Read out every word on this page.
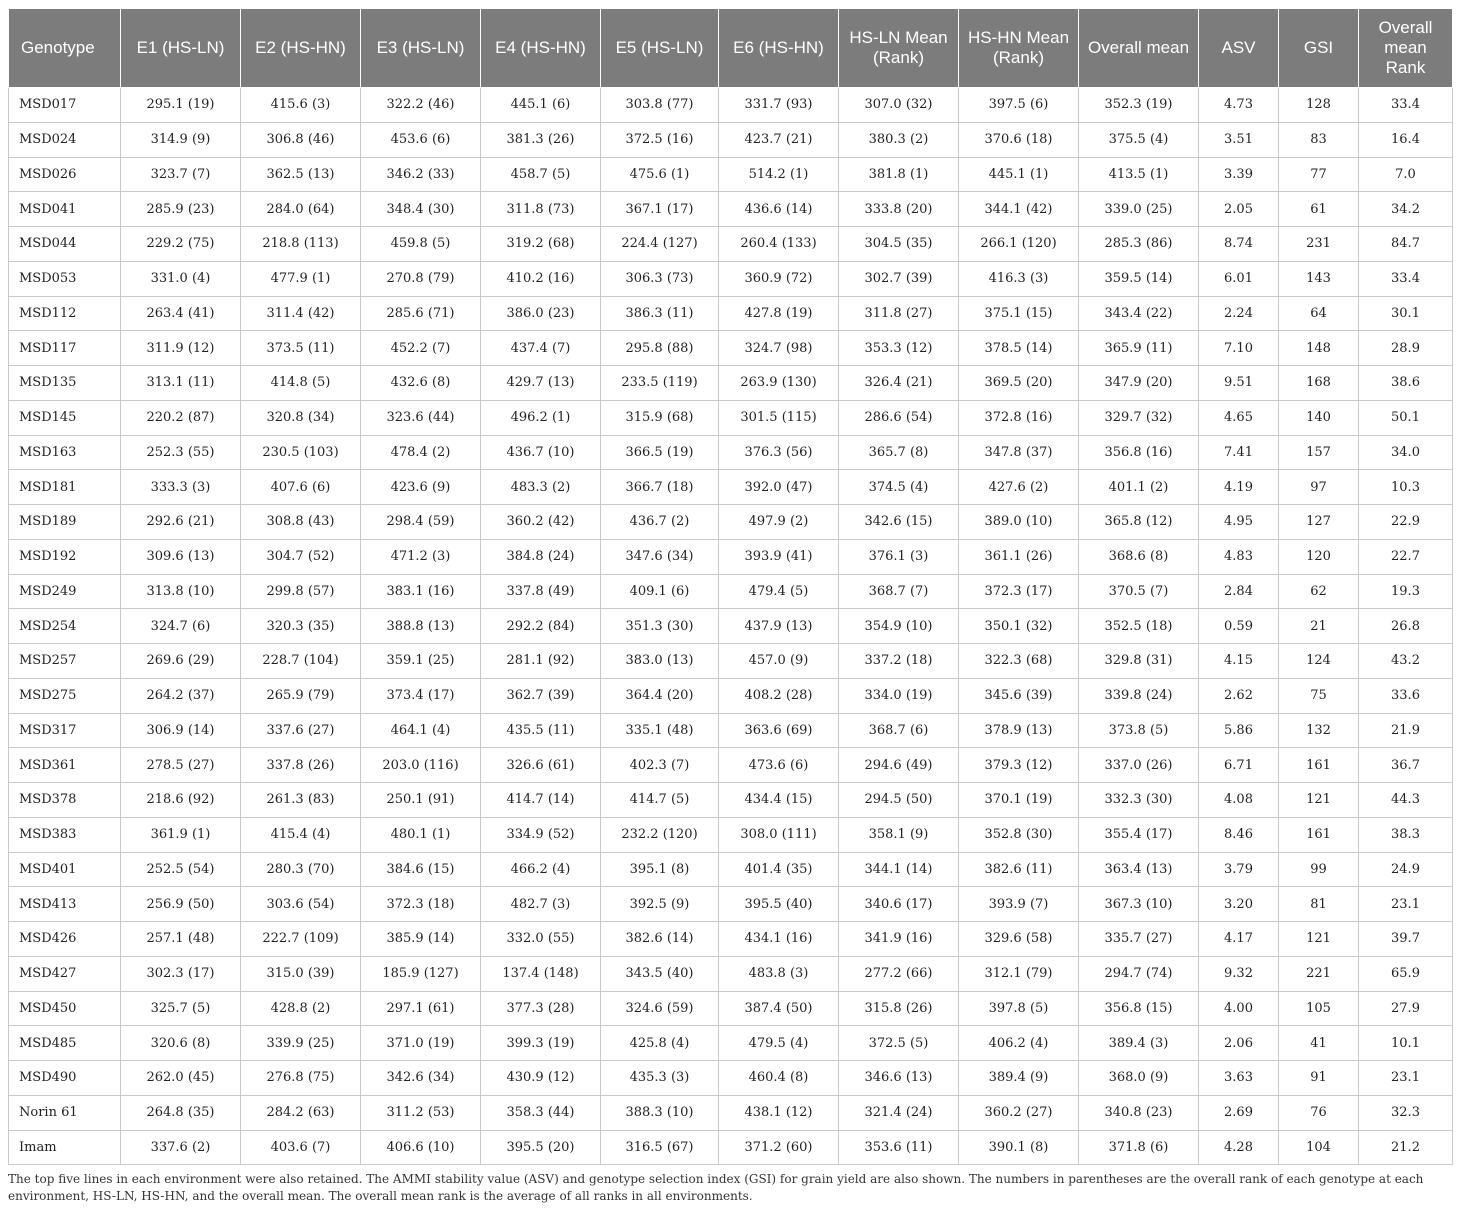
Genotype	E1 (HS-LN)	E2 (HS-HN)	E3 (HS-LN)	E4 (HS-HN)	E5 (HS-LN)	E6 (HS-HN)	HS-LN Mean (Rank)	HS-HN Mean (Rank)	Overall mean	ASV	GSI	Overall mean Rank
MSD017	295.1 (19)	415.6 (3)	322.2 (46)	445.1 (6)	303.8 (77)	331.7 (93)	307.0 (32)	397.5 (6)	352.3 (19)	4.73	128	33.4
MSD024	314.9 (9)	306.8 (46)	453.6 (6)	381.3 (26)	372.5 (16)	423.7 (21)	380.3 (2)	370.6 (18)	375.5 (4)	3.51	83	16.4
MSD026	323.7 (7)	362.5 (13)	346.2 (33)	458.7 (5)	475.6 (1)	514.2 (1)	381.8 (1)	445.1 (1)	413.5 (1)	3.39	77	7.0
MSD041	285.9 (23)	284.0 (64)	348.4 (30)	311.8 (73)	367.1 (17)	436.6 (14)	333.8 (20)	344.1 (42)	339.0 (25)	2.05	61	34.2
MSD044	229.2 (75)	218.8 (113)	459.8 (5)	319.2 (68)	224.4 (127)	260.4 (133)	304.5 (35)	266.1 (120)	285.3 (86)	8.74	231	84.7
MSD053	331.0 (4)	477.9 (1)	270.8 (79)	410.2 (16)	306.3 (73)	360.9 (72)	302.7 (39)	416.3 (3)	359.5 (14)	6.01	143	33.4
MSD112	263.4 (41)	311.4 (42)	285.6 (71)	386.0 (23)	386.3 (11)	427.8 (19)	311.8 (27)	375.1 (15)	343.4 (22)	2.24	64	30.1
MSD117	311.9 (12)	373.5 (11)	452.2 (7)	437.4 (7)	295.8 (88)	324.7 (98)	353.3 (12)	378.5 (14)	365.9 (11)	7.10	148	28.9
MSD135	313.1 (11)	414.8 (5)	432.6 (8)	429.7 (13)	233.5 (119)	263.9 (130)	326.4 (21)	369.5 (20)	347.9 (20)	9.51	168	38.6
MSD145	220.2 (87)	320.8 (34)	323.6 (44)	496.2 (1)	315.9 (68)	301.5 (115)	286.6 (54)	372.8 (16)	329.7 (32)	4.65	140	50.1
MSD163	252.3 (55)	230.5 (103)	478.4 (2)	436.7 (10)	366.5 (19)	376.3 (56)	365.7 (8)	347.8 (37)	356.8 (16)	7.41	157	34.0
MSD181	333.3 (3)	407.6 (6)	423.6 (9)	483.3 (2)	366.7 (18)	392.0 (47)	374.5 (4)	427.6 (2)	401.1 (2)	4.19	97	10.3
MSD189	292.6 (21)	308.8 (43)	298.4 (59)	360.2 (42)	436.7 (2)	497.9 (2)	342.6 (15)	389.0 (10)	365.8 (12)	4.95	127	22.9
MSD192	309.6 (13)	304.7 (52)	471.2 (3)	384.8 (24)	347.6 (34)	393.9 (41)	376.1 (3)	361.1 (26)	368.6 (8)	4.83	120	22.7
MSD249	313.8 (10)	299.8 (57)	383.1 (16)	337.8 (49)	409.1 (6)	479.4 (5)	368.7 (7)	372.3 (17)	370.5 (7)	2.84	62	19.3
MSD254	324.7 (6)	320.3 (35)	388.8 (13)	292.2 (84)	351.3 (30)	437.9 (13)	354.9 (10)	350.1 (32)	352.5 (18)	0.59	21	26.8
MSD257	269.6 (29)	228.7 (104)	359.1 (25)	281.1 (92)	383.0 (13)	457.0 (9)	337.2 (18)	322.3 (68)	329.8 (31)	4.15	124	43.2
MSD275	264.2 (37)	265.9 (79)	373.4 (17)	362.7 (39)	364.4 (20)	408.2 (28)	334.0 (19)	345.6 (39)	339.8 (24)	2.62	75	33.6
MSD317	306.9 (14)	337.6 (27)	464.1 (4)	435.5 (11)	335.1 (48)	363.6 (69)	368.7 (6)	378.9 (13)	373.8 (5)	5.86	132	21.9
MSD361	278.5 (27)	337.8 (26)	203.0 (116)	326.6 (61)	402.3 (7)	473.6 (6)	294.6 (49)	379.3 (12)	337.0 (26)	6.71	161	36.7
MSD378	218.6 (92)	261.3 (83)	250.1 (91)	414.7 (14)	414.7 (5)	434.4 (15)	294.5 (50)	370.1 (19)	332.3 (30)	4.08	121	44.3
MSD383	361.9 (1)	415.4 (4)	480.1 (1)	334.9 (52)	232.2 (120)	308.0 (111)	358.1 (9)	352.8 (30)	355.4 (17)	8.46	161	38.3
MSD401	252.5 (54)	280.3 (70)	384.6 (15)	466.2 (4)	395.1 (8)	401.4 (35)	344.1 (14)	382.6 (11)	363.4 (13)	3.79	99	24.9
MSD413	256.9 (50)	303.6 (54)	372.3 (18)	482.7 (3)	392.5 (9)	395.5 (40)	340.6 (17)	393.9 (7)	367.3 (10)	3.20	81	23.1
MSD426	257.1 (48)	222.7 (109)	385.9 (14)	332.0 (55)	382.6 (14)	434.1 (16)	341.9 (16)	329.6 (58)	335.7 (27)	4.17	121	39.7
MSD427	302.3 (17)	315.0 (39)	185.9 (127)	137.4 (148)	343.5 (40)	483.8 (3)	277.2 (66)	312.1 (79)	294.7 (74)	9.32	221	65.9
MSD450	325.7 (5)	428.8 (2)	297.1 (61)	377.3 (28)	324.6 (59)	387.4 (50)	315.8 (26)	397.8 (5)	356.8 (15)	4.00	105	27.9
MSD485	320.6 (8)	339.9 (25)	371.0 (19)	399.3 (19)	425.8 (4)	479.5 (4)	372.5 (5)	406.2 (4)	389.4 (3)	2.06	41	10.1
MSD490	262.0 (45)	276.8 (75)	342.6 (34)	430.9 (12)	435.3 (3)	460.4 (8)	346.6 (13)	389.4 (9)	368.0 (9)	3.63	91	23.1
Norin 61	264.8 (35)	284.2 (63)	311.2 (53)	358.3 (44)	388.3 (10)	438.1 (12)	321.4 (24)	360.2 (27)	340.8 (23)	2.69	76	32.3
Imam	337.6 (2)	403.6 (7)	406.6 (10)	395.5 (20)	316.5 (67)	371.2 (60)	353.6 (11)	390.1 (8)	371.8 (6)	4.28	104	21.2
The top five lines in each environment were also retained. The AMMI stability value (ASV) and genotype selection index (GSI) for grain yield are also shown. The numbers in parentheses are the overall rank of each genotype at each environment, HS-LN, HS-HN, and the overall mean. The overall mean rank is the average of all ranks in all environments.
